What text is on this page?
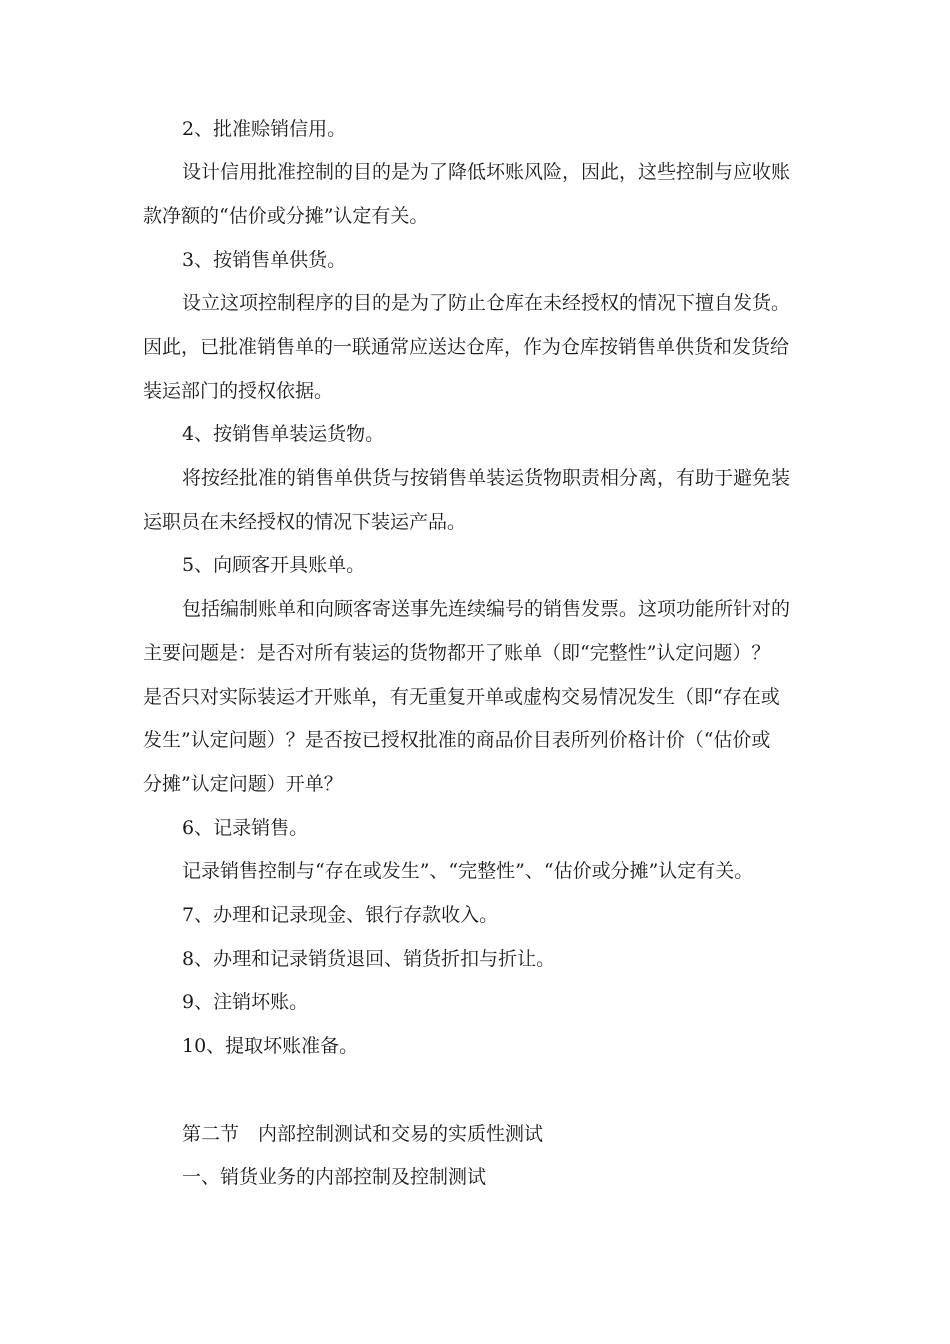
2、批准赊销信用。

设计信用批准控制的目的是为了降低坏账风险，因此，这些控制与应收账

款净额的“估价或分摊”认定有关。

3、按销售单供货。

设立这项控制程序的目的是为了防止仓库在未经授权的情况下擅自发货。

因此，已批准销售单的一联通常应送达仓库，作为仓库按销售单供货和发货给

装运部门的授权依据。

4、按销售单装运货物。

将按经批准的销售单供货与按销售单装运货物职责相分离，有助于避免装

运职员在未经授权的情况下装运产品。

5、向顾客开具账单。

包括编制账单和向顾客寄送事先连续编号的销售发票。这项功能所针对的

主要问题是：是否对所有装运的货物都开了账单（即“完整性”认定问题）？

是否只对实际装运才开账单，有无重复开单或虚构交易情况发生（即“存在或

发生”认定问题）？是否按已授权批准的商品价目表所列价格计价（“估价或

分摊”认定问题）开单？

6、记录销售。

记录销售控制与“存在或发生”、“完整性”、“估价或分摊”认定有关。

7、办理和记录现金、银行存款收入。

8、办理和记录销货退回、销货折扣与折让。

9、注销坏账。

10、提取坏账准备。

第二节　内部控制测试和交易的实质性测试

一、销货业务的内部控制及控制测试
